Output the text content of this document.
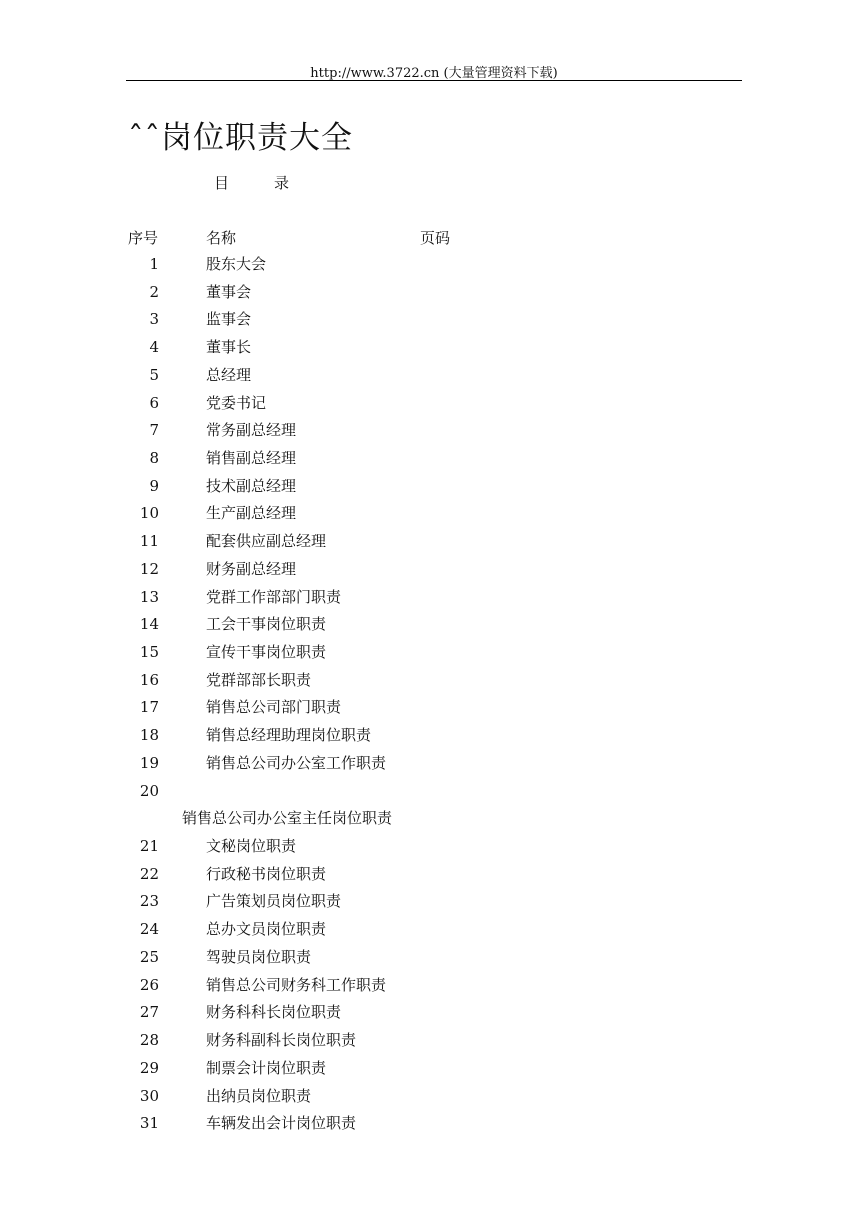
http://www.3722.cn (大量管理资料下载)
ˆˆ岗位职责大全
目	录
序号	名称	页码
1	股东大会
2	董事会
3	监事会
4	董事长
5	总经理
6	党委书记
7	常务副总经理
8	销售副总经理
9	技术副总经理
10	生产副总经理
11	配套供应副总经理
12	财务副总经理
13	党群工作部部门职责
14	工会干事岗位职责
15	宣传干事岗位职责
16	党群部部长职责
17	销售总公司部门职责
18	销售总经理助理岗位职责
19	销售总公司办公室工作职责
20
销售总公司办公室主任岗位职责
21	文秘岗位职责
22	行政秘书岗位职责
23	广告策划员岗位职责
24	总办文员岗位职责
25	驾驶员岗位职责
26	销售总公司财务科工作职责
27	财务科科长岗位职责
28	财务科副科长岗位职责
29	制票会计岗位职责
30	出纳员岗位职责
31	车辆发出会计岗位职责
